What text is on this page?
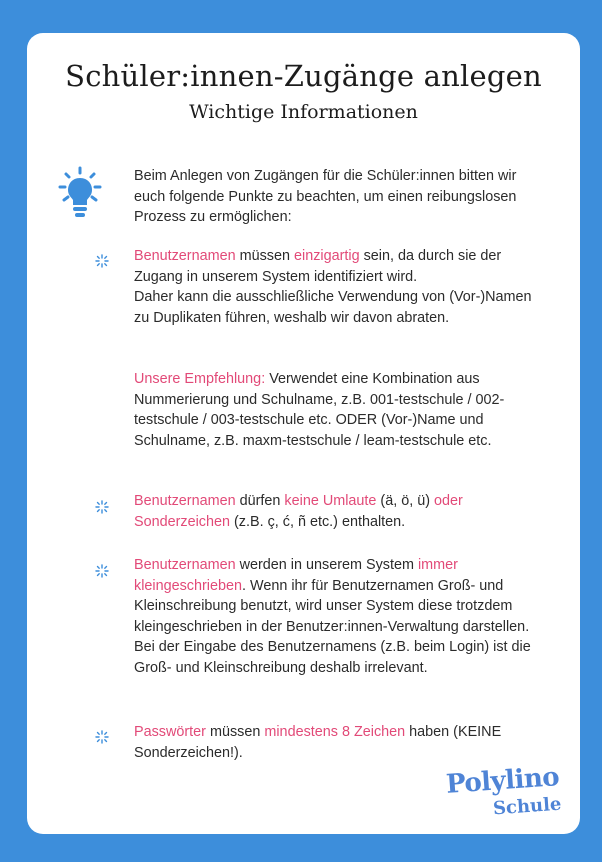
Schüler:innen-Zugänge anlegen
Wichtige Informationen

Beim Anlegen von Zugängen für die Schüler:innen bitten wir euch folgende Punkte zu beachten, um einen reibungslosen Prozess zu ermöglichen:

Benutzernamen müssen einzigartig sein, da durch sie der Zugang in unserem System identifiziert wird.
Daher kann die ausschließliche Verwendung von (Vor-)Namen zu Duplikaten führen, weshalb wir davon abraten.

Unsere Empfehlung: Verwendet eine Kombination aus Nummerierung und Schulname, z.B. 001-testschule / 002-testschule / 003-testschule etc. ODER (Vor-)Name und Schulname, z.B. maxm-testschule / leam-testschule etc.

Benutzernamen dürfen keine Umlaute (ä, ö, ü) oder Sonderzeichen (z.B. ç, ć, ñ etc.) enthalten.

Benutzernamen werden in unserem System immer kleingeschrieben. Wenn ihr für Benutzernamen Groß- und Kleinschreibung benutzt, wird unser System diese trotzdem kleingeschrieben in der Benutzer:innen-Verwaltung darstellen. Bei der Eingabe des Benutzernamens (z.B. beim Login) ist die Groß- und Kleinschreibung deshalb irrelevant.

Passwörter müssen mindestens 8 Zeichen haben (KEINE Sonderzeichen!).

Polylino
Schule
